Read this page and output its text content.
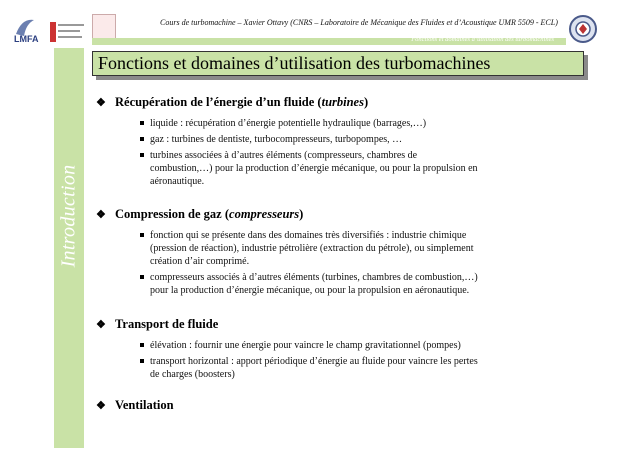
LMFA
Cours de turbomachine – Xavier Ottavy (CNRS – Laboratoire de Mécanique des Fluides et d’Acoustique UMR 5509 - ECL)
Fonctions et domaines d’utilisation des turbomachines
Introduction
Fonctions et domaines d’utilisation des turbomachines
❖ Récupération de l’énergie d’un fluide (turbines)
liquide : récupération d’énergie potentielle hydraulique (barrages,…)
gaz : turbines de dentiste, turbocompresseurs, turbopompes, …
turbines associées à d’autres éléments (compresseurs, chambres de
combustion,…) pour la production d’énergie mécanique, ou pour la propulsion en
aéronautique.
❖ Compression de gaz (compresseurs)
fonction qui se présente dans des domaines très diversifiés : industrie chimique
(pression de réaction), industrie pétrolière (extraction du pétrole), ou simplement
création d’air comprimé.
compresseurs associés à d’autres éléments (turbines, chambres de combustion,…)
pour la production d’énergie mécanique, ou pour la propulsion en aéronautique.
❖ Transport de fluide
élévation : fournir une énergie pour vaincre le champ gravitationnel (pompes)
transport horizontal : apport périodique d’énergie au fluide pour vaincre les pertes
de charges (boosters)
❖ Ventilation
